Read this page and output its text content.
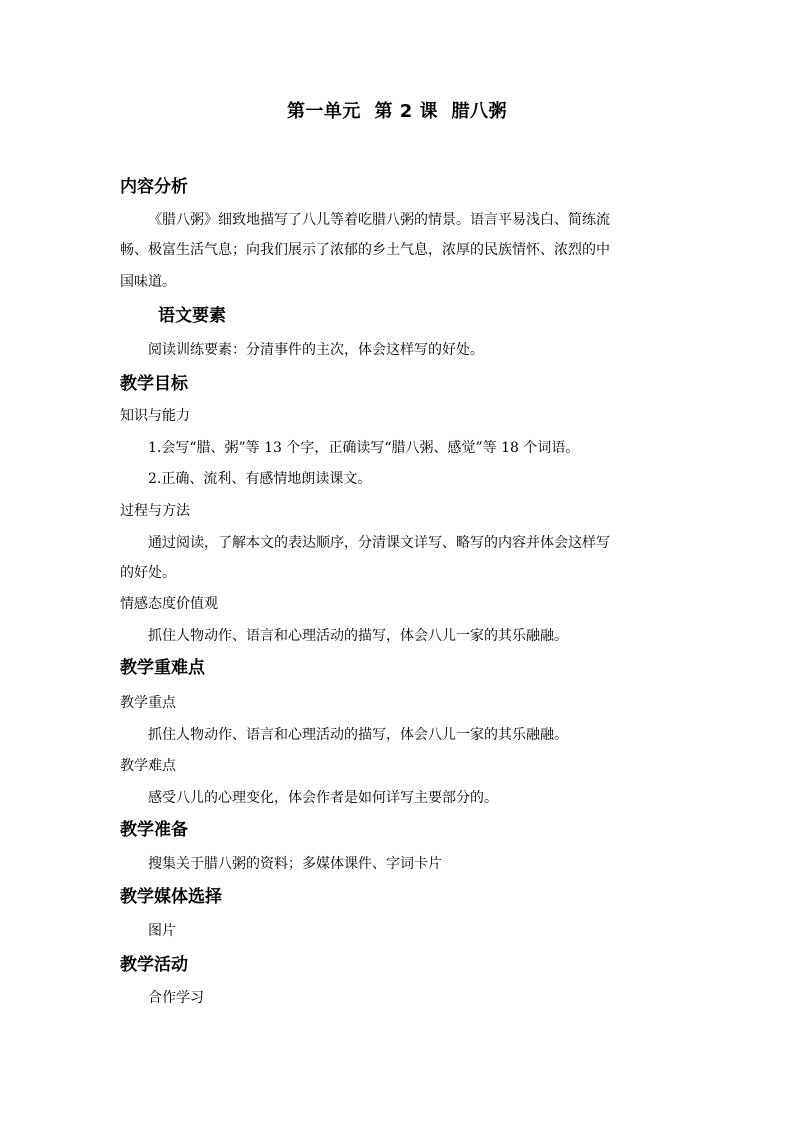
第一单元  第 2 课  腊八粥
内容分析
《腊八粥》细致地描写了八儿等着吃腊八粥的情景。语言平易浅白、简练流
畅、极富生活气息；向我们展示了浓郁的乡土气息，浓厚的民族情怀、浓烈的中
国味道。
语文要素
阅读训练要素：分清事件的主次，体会这样写的好处。
教学目标
知识与能力
1.会写“腊、粥”等 13 个字，正确读写“腊八粥、感觉”等 18 个词语。
2.正确、流利、有感情地朗读课文。
过程与方法
通过阅读，了解本文的表达顺序，分清课文详写、略写的内容并体会这样写
的好处。
情感态度价值观
抓住人物动作、语言和心理活动的描写，体会八儿一家的其乐融融。
教学重难点
教学重点
抓住人物动作、语言和心理活动的描写，体会八儿一家的其乐融融。
教学难点
感受八儿的心理变化，体会作者是如何详写主要部分的。
教学准备
搜集关于腊八粥的资料；多媒体课件、字词卡片
教学媒体选择
图片
教学活动
合作学习
